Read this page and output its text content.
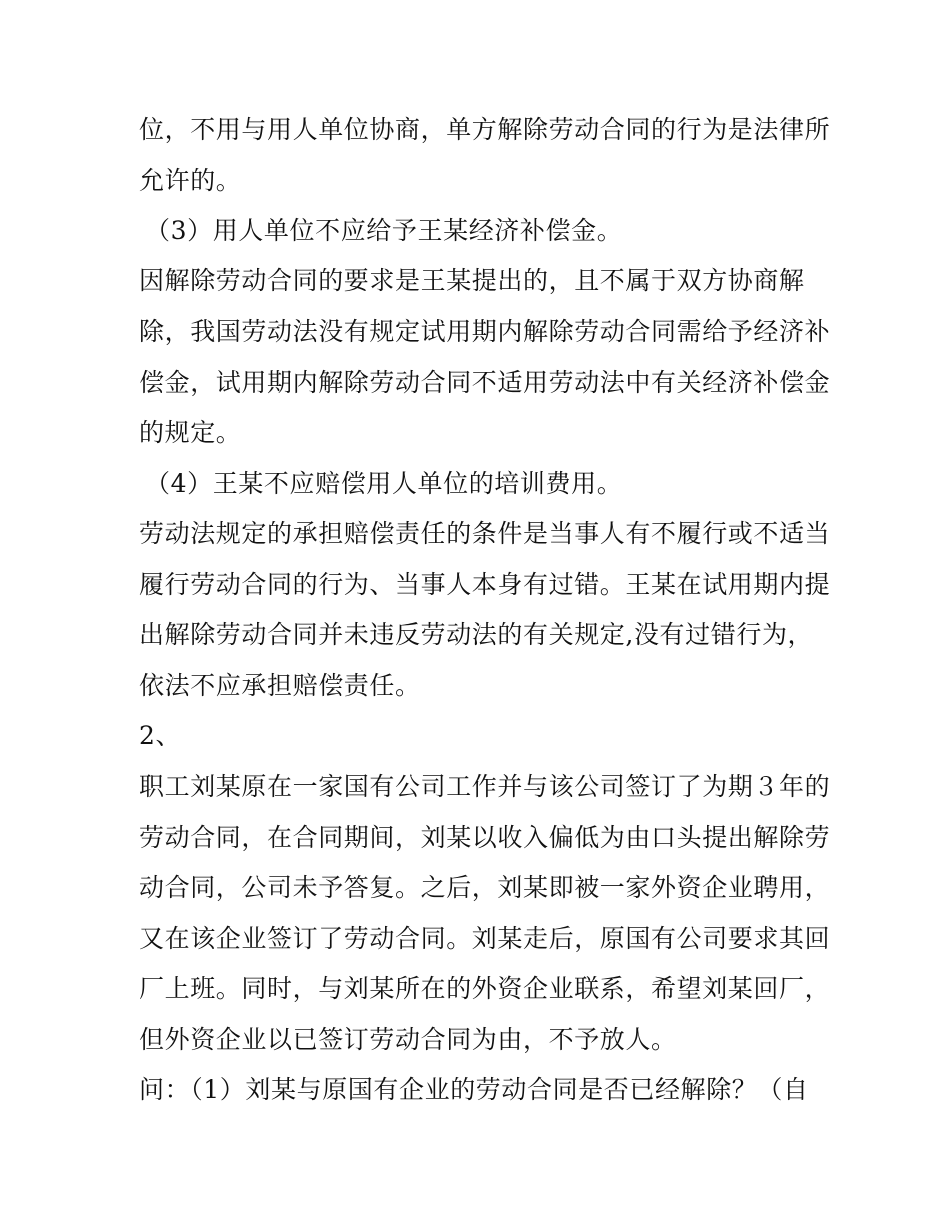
位，不用与用人单位协商，单方解除劳动合同的行为是法律所
允许的。
（3）用人单位不应给予王某经济补偿金。
因解除劳动合同的要求是王某提出的，且不属于双方协商解
除，我国劳动法没有规定试用期内解除劳动合同需给予经济补
偿金，试用期内解除劳动合同不适用劳动法中有关经济补偿金
的规定。
（4）王某不应赔偿用人单位的培训费用。
劳动法规定的承担赔偿责任的条件是当事人有不履行或不适当
履行劳动合同的行为、当事人本身有过错。王某在试用期内提
出解除劳动合同并未违反劳动法的有关规定,没有过错行为，
依法不应承担赔偿责任。
2、
职工刘某原在一家国有公司工作并与该公司签订了为期３年的
劳动合同，在合同期间，刘某以收入偏低为由口头提出解除劳
动合同，公司未予答复。之后，刘某即被一家外资企业聘用，
又在该企业签订了劳动合同。刘某走后，原国有公司要求其回
厂上班。同时，与刘某所在的外资企业联系，希望刘某回厂，
但外资企业以已签订劳动合同为由，不予放人。
问：（1）刘某与原国有企业的劳动合同是否已经解除？（自
